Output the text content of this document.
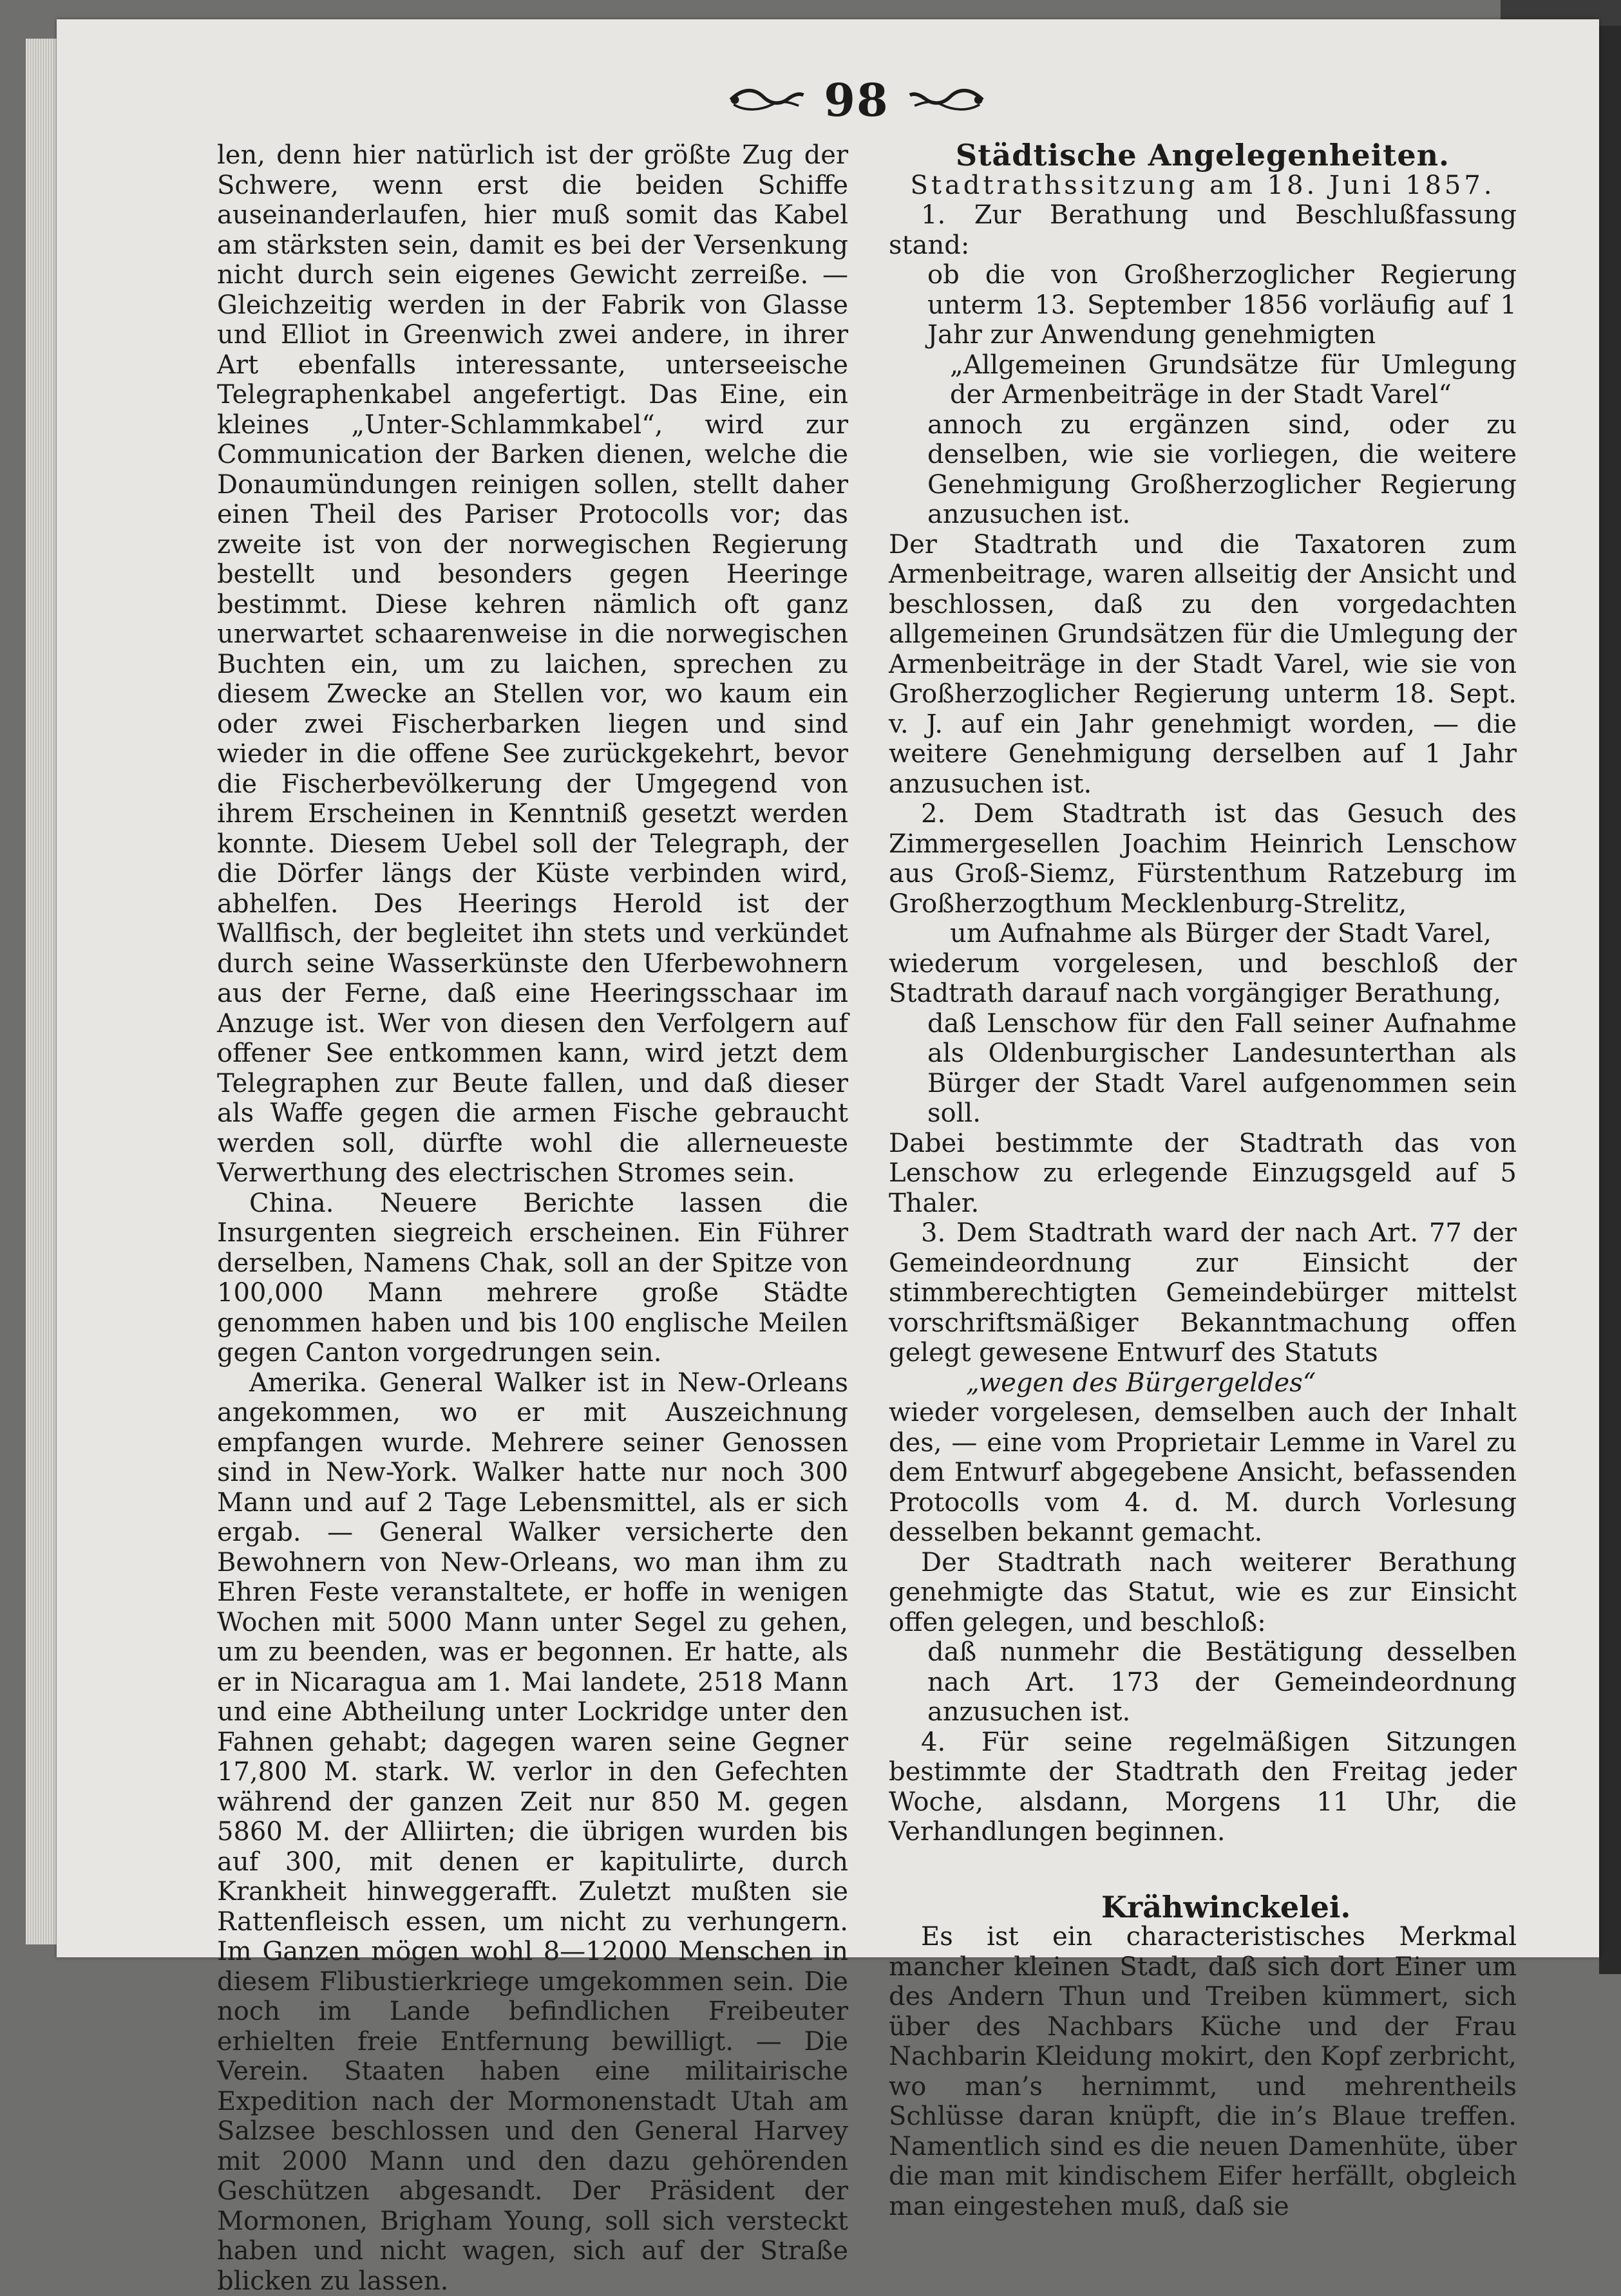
98

len, denn hier natürlich ist der größte Zug der Schwere, wenn erst die beiden Schiffe auseinanderlaufen, hier muß somit das Kabel am stärksten sein, damit es bei der Versenkung nicht durch sein eigenes Gewicht zerreiße. — Gleichzeitig werden in der Fabrik von Glasse und Elliot in Greenwich zwei andere, in ihrer Art ebenfalls interessante, unterseeische Telegraphenkabel angefertigt. Das Eine, ein kleines „Unter-Schlammkabel“, wird zur Communication der Barken dienen, welche die Donaumündungen reinigen sollen, stellt daher einen Theil des Pariser Protocolls vor; das zweite ist von der norwegischen Regierung bestellt und besonders gegen Heeringe bestimmt. Diese kehren nämlich oft ganz unerwartet schaarenweise in die norwegischen Buchten ein, um zu laichen, sprechen zu diesem Zwecke an Stellen vor, wo kaum ein oder zwei Fischerbarken liegen und sind wieder in die offene See zurückgekehrt, bevor die Fischerbevölkerung der Umgegend von ihrem Erscheinen in Kenntniß gesetzt werden konnte. Diesem Uebel soll der Telegraph, der die Dörfer längs der Küste verbinden wird, abhelfen. Des Heerings Herold ist der Wallfisch, der begleitet ihn stets und verkündet durch seine Wasserkünste den Uferbewohnern aus der Ferne, daß eine Heeringsschaar im Anzuge ist. Wer von diesen den Verfolgern auf offener See entkommen kann, wird jetzt dem Telegraphen zur Beute fallen, und daß dieser als Waffe gegen die armen Fische gebraucht werden soll, dürfte wohl die allerneueste Verwerthung des electrischen Stromes sein.

China. Neuere Berichte lassen die Insurgenten siegreich erscheinen. Ein Führer derselben, Namens Chak, soll an der Spitze von 100,000 Mann mehrere große Städte genommen haben und bis 100 englische Meilen gegen Canton vorgedrungen sein.

Amerika. General Walker ist in New-Orleans angekommen, wo er mit Auszeichnung empfangen wurde. Mehrere seiner Genossen sind in New-York. Walker hatte nur noch 300 Mann und auf 2 Tage Lebensmittel, als er sich ergab. — General Walker versicherte den Bewohnern von New-Orleans, wo man ihm zu Ehren Feste veranstaltete, er hoffe in wenigen Wochen mit 5000 Mann unter Segel zu gehen, um zu beenden, was er begonnen. Er hatte, als er in Nicaragua am 1. Mai landete, 2518 Mann und eine Abtheilung unter Lockridge unter den Fahnen gehabt; dagegen waren seine Gegner 17,800 M. stark. W. verlor in den Gefechten während der ganzen Zeit nur 850 M. gegen 5860 M. der Alliirten; die übrigen wurden bis auf 300, mit denen er kapitulirte, durch Krankheit hinweggerafft. Zuletzt mußten sie Rattenfleisch essen, um nicht zu verhungern. Im Ganzen mögen wohl 8—12000 Menschen in diesem Flibustierkriege umgekommen sein. Die noch im Lande befindlichen Freibeuter erhielten freie Entfernung bewilligt. — Die Verein. Staaten haben eine militairische Expedition nach der Mormonenstadt Utah am Salzsee beschlossen und den General Harvey mit 2000 Mann und den dazu gehörenden Geschützen abgesandt. Der Präsident der Mormonen, Brigham Young, soll sich versteckt haben und nicht wagen, sich auf der Straße blicken zu lassen.

Städtische Angelegenheiten.

Stadtrathssitzung am 18. Juni 1857.

1. Zur Berathung und Beschlußfassung stand:

ob die von Großherzoglicher Regierung unterm 13. September 1856 vorläufig auf 1 Jahr zur Anwendung genehmigten

„Allgemeinen Grundsätze für Umlegung der Armenbeiträge in der Stadt Varel“

annoch zu ergänzen sind, oder zu denselben, wie sie vorliegen, die weitere Genehmigung Großherzoglicher Regierung anzusuchen ist.

Der Stadtrath und die Taxatoren zum Armenbeitrage, waren allseitig der Ansicht und beschlossen, daß zu den vorgedachten allgemeinen Grundsätzen für die Umlegung der Armenbeiträge in der Stadt Varel, wie sie von Großherzoglicher Regierung unterm 18. Sept. v. J. auf ein Jahr genehmigt worden, — die weitere Genehmigung derselben auf 1 Jahr anzusuchen ist.

2. Dem Stadtrath ist das Gesuch des Zimmergesellen Joachim Heinrich Lenschow aus Groß-Siemz, Fürstenthum Ratzeburg im Großherzogthum Mecklenburg-Strelitz,

um Aufnahme als Bürger der Stadt Varel,

wiederum vorgelesen, und beschloß der Stadtrath darauf nach vorgängiger Berathung,

daß Lenschow für den Fall seiner Aufnahme als Oldenburgischer Landesunterthan als Bürger der Stadt Varel aufgenommen sein soll.

Dabei bestimmte der Stadtrath das von Lenschow zu erlegende Einzugsgeld auf 5 Thaler.

3. Dem Stadtrath ward der nach Art. 77 der Gemeindeordnung zur Einsicht der stimmberechtigten Gemeindebürger mittelst vorschriftsmäßiger Bekanntmachung offen gelegt gewesene Entwurf des Statuts

„wegen des Bürgergeldes“

wieder vorgelesen, demselben auch der Inhalt des, — eine vom Proprietair Lemme in Varel zu dem Entwurf abgegebene Ansicht, befassenden Protocolls vom 4. d. M. durch Vorlesung desselben bekannt gemacht.

Der Stadtrath nach weiterer Berathung genehmigte das Statut, wie es zur Einsicht offen gelegen, und beschloß:

daß nunmehr die Bestätigung desselben nach Art. 173 der Gemeindeordnung anzusuchen ist.

4. Für seine regelmäßigen Sitzungen bestimmte der Stadtrath den Freitag jeder Woche, alsdann, Morgens 11 Uhr, die Verhandlungen beginnen.

Krähwinckelei.

Es ist ein characteristisches Merkmal mancher kleinen Stadt, daß sich dort Einer um des Andern Thun und Treiben kümmert, sich über des Nachbars Küche und der Frau Nachbarin Kleidung mokirt, den Kopf zerbricht, wo man’s hernimmt, und mehrentheils Schlüsse daran knüpft, die in’s Blaue treffen. Namentlich sind es die neuen Damenhüte, über die man mit kindischem Eifer herfällt, obgleich man eingestehen muß, daß sie
